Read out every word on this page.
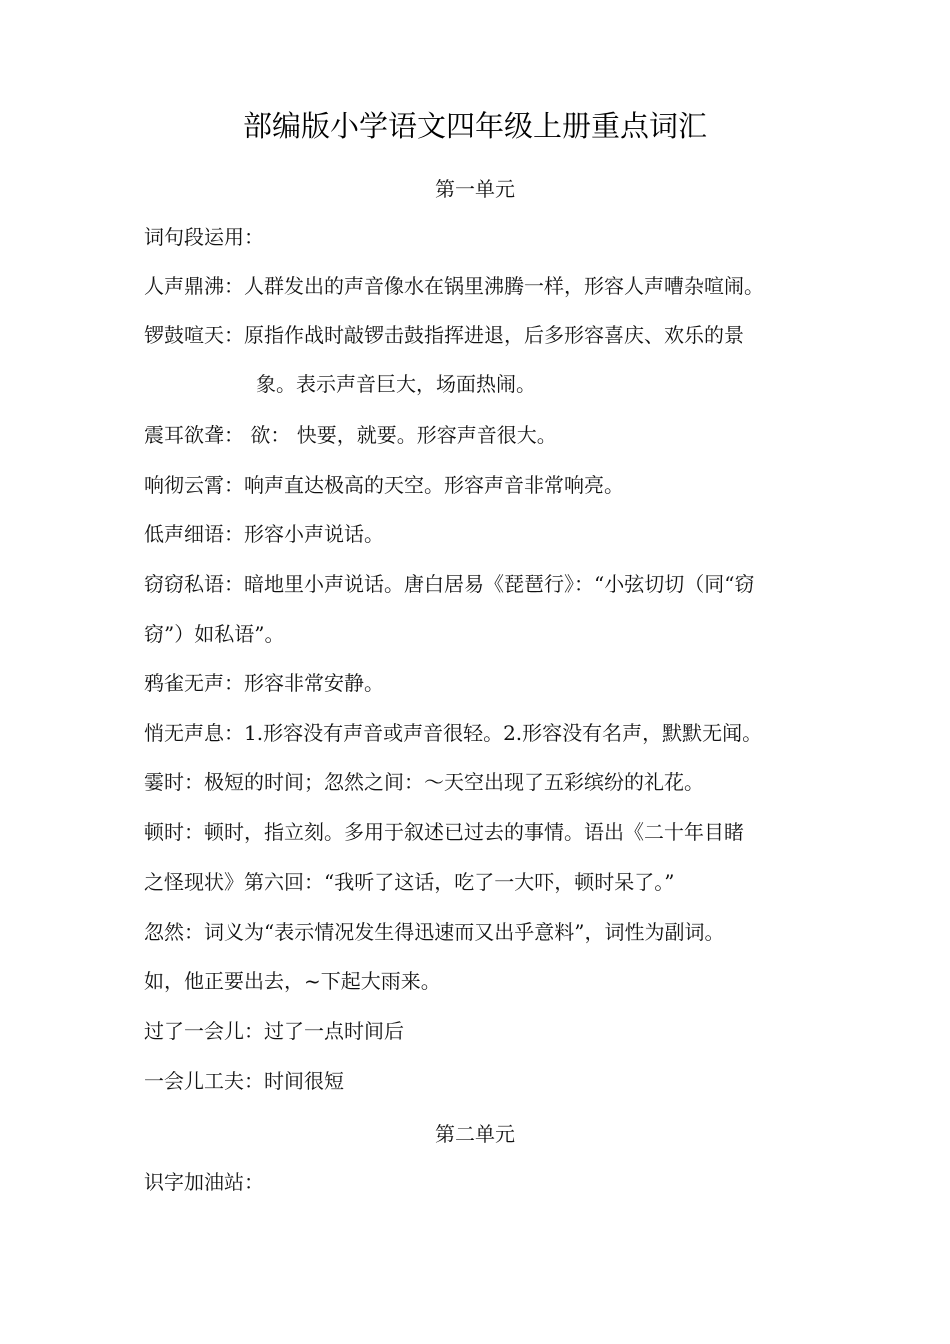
部编版小学语文四年级上册重点词汇
第一单元
词句段运用：
人声鼎沸：人群发出的声音像水在锅里沸腾一样，形容人声嘈杂喧闹。
锣鼓喧天：原指作战时敲锣击鼓指挥进退，后多形容喜庆、欢乐的景
象。表示声音巨大，场面热闹。
震耳欲聋： 欲： 快要，就要。形容声音很大。
响彻云霄：响声直达极高的天空。形容声音非常响亮。
低声细语：形容小声说话。
窃窃私语：暗地里小声说话。唐白居易《琵琶行》：“小弦切切（同“窃
窃”）如私语”。
鸦雀无声：形容非常安静。
悄无声息：1.形容没有声音或声音很轻。2.形容没有名声，默默无闻。
霎时：极短的时间；忽然之间：～天空出现了五彩缤纷的礼花。
顿时：顿时，指立刻。多用于叙述已过去的事情。语出《二十年目睹
之怪现状》第六回：“我听了这话，吃了一大吓，顿时呆了。”
忽然：词义为“表示情况发生得迅速而又出乎意料”，词性为副词。
如，他正要出去，~下起大雨来。
过了一会儿：过了一点时间后
一会儿工夫：时间很短
第二单元
识字加油站：
